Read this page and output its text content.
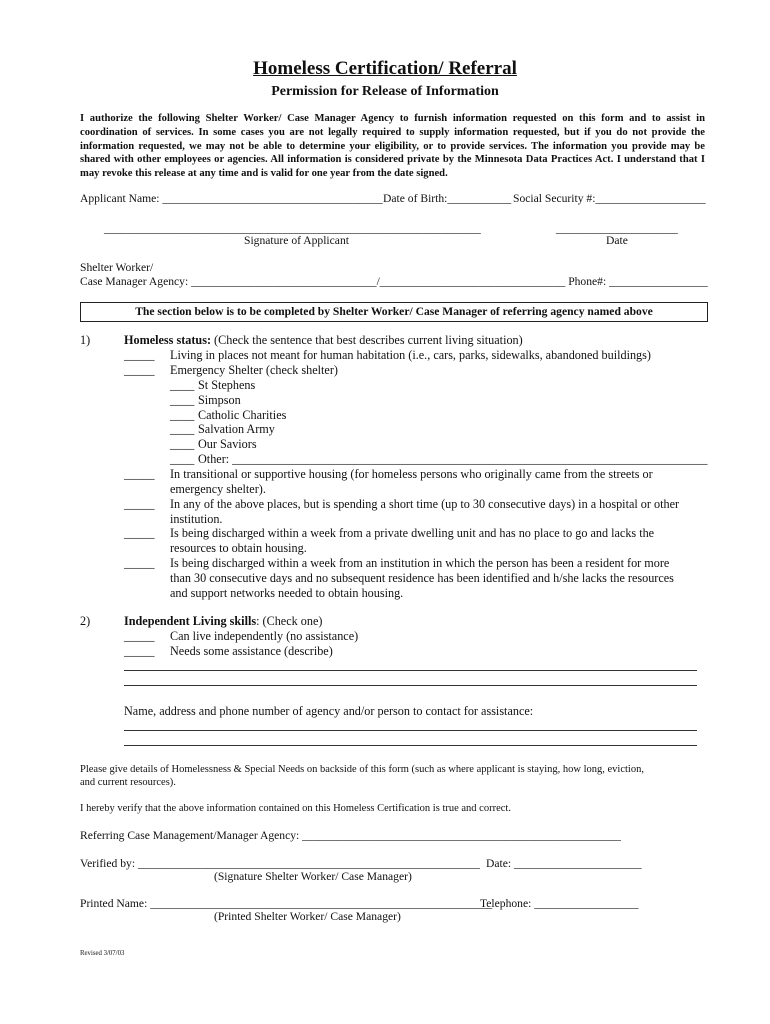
Homeless Certification/ Referral
Permission for Release of Information
I authorize the following Shelter Worker/ Case Manager Agency to furnish information requested on this form and to assist in coordination of services. In some cases you are not legally required to supply information requested, but if you do not provide the information requested, we may not be able to determine your eligibility, or to provide services. The information you provide may be shared with other employees or agencies. All information is considered private by the Minnesota Data Practices Act. I understand that I may revoke this release at any time and is valid for one year from the date signed.
Applicant Name: ______________________________________ Date of Birth:___________ Social Security #:___________________
_________________________________________________________________	_____________________
Signature of Applicant	Date
Shelter Worker/
Case Manager Agency: ________________________________/________________________________ Phone#: _________________
The section below is to be completed by Shelter Worker/ Case Manager of referring agency named above
1)	Homeless status: (Check the sentence that best describes current living situation)
_____ Living in places not meant for human habitation (i.e., cars, parks, sidewalks, abandoned buildings)
_____ Emergency Shelter (check shelter)
____ St Stephens
____ Simpson
____ Catholic Charities
____ Salvation Army
____ Our Saviors
____ Other: ______________________________________________________________________________
_____ In transitional or supportive housing (for homeless persons who originally came from the streets or
emergency shelter).
_____ In any of the above places, but is spending a short time (up to 30 consecutive days) in a hospital or other
institution.
_____ Is being discharged within a week from a private dwelling unit and has no place to go and lacks the
resources to obtain housing.
_____ Is being discharged within a week from an institution in which the person has been a resident for more
than 30 consecutive days and no subsequent residence has been identified and h/she lacks the resources
and support networks needed to obtain housing.
2)	Independent Living skills: (Check one)
_____ Can live independently (no assistance)
_____ Needs some assistance (describe)
Name, address and phone number of agency and/or person to contact for assistance:
Please give details of Homelessness & Special Needs on backside of this form (such as where applicant is staying, how long, eviction,
and current resources).
I hereby verify that the above information contained on this Homeless Certification is true and correct.
Referring Case Management/Manager Agency: _______________________________________________________
Verified by: ___________________________________________________________ Date: ______________________
(Signature Shelter Worker/ Case Manager)
Printed Name: ___________________________________________________________
Telephone: __________________
(Printed Shelter Worker/ Case Manager)
Revised 3/07/03
